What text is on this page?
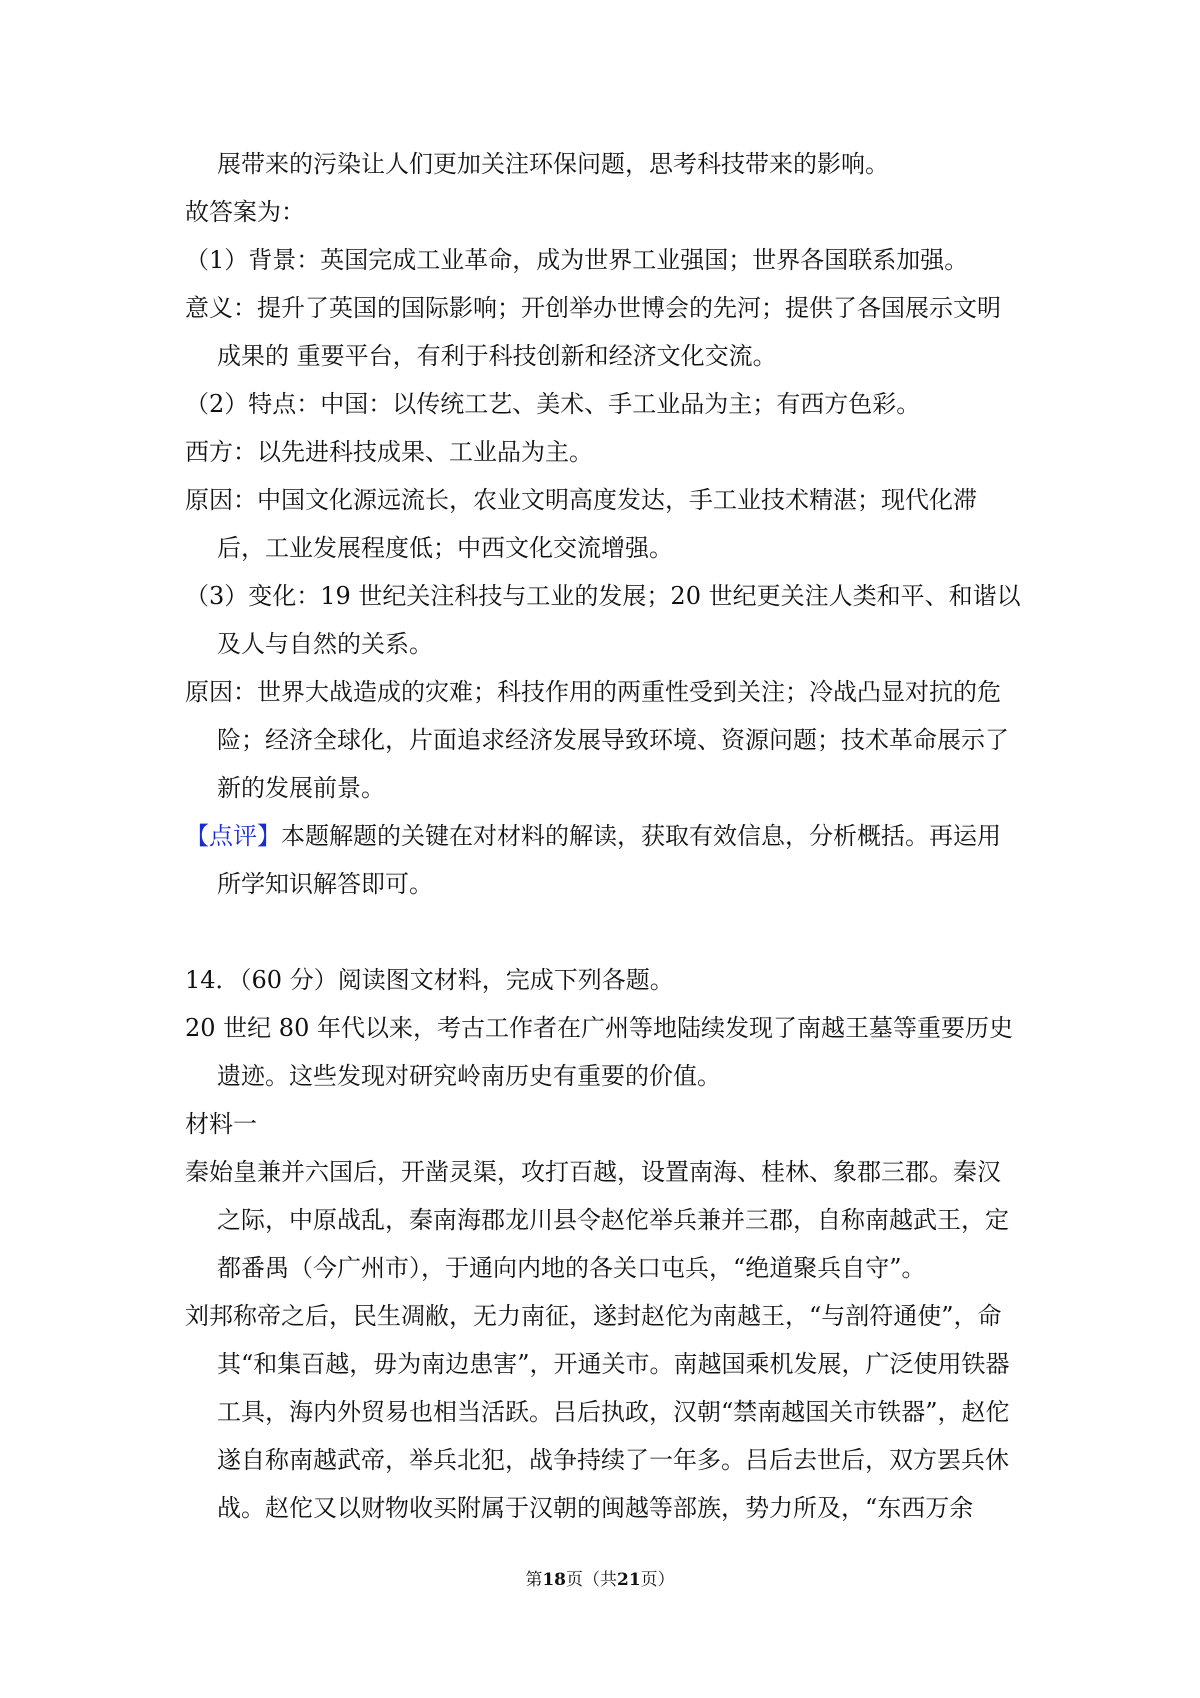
展带来的污染让人们更加关注环保问题，思考科技带来的影响。
故答案为：
（1）背景：英国完成工业革命，成为世界工业强国；世界各国联系加强。
意义：提升了英国的国际影响；开创举办世博会的先河；提供了各国展示文明
成果的 重要平台，有利于科技创新和经济文化交流。
（2）特点：中国：以传统工艺、美术、手工业品为主；有西方色彩。
西方：以先进科技成果、工业品为主。
原因：中国文化源远流长，农业文明高度发达，手工业技术精湛；现代化滞
后，工业发展程度低；中西文化交流增强。
（3）变化：19 世纪关注科技与工业的发展；20 世纪更关注人类和平、和谐以
及人与自然的关系。
原因：世界大战造成的灾难；科技作用的两重性受到关注；冷战凸显对抗的危
险；经济全球化，片面追求经济发展导致环境、资源问题；技术革命展示了
新的发展前景。
【点评】本题解题的关键在对材料的解读，获取有效信息，分析概括。再运用
所学知识解答即可。
14．（60 分）阅读图文材料，完成下列各题。
20 世纪 80 年代以来，考古工作者在广州等地陆续发现了南越王墓等重要历史
遗迹。这些发现对研究岭南历史有重要的价值。
材料一
秦始皇兼并六国后，开凿灵渠，攻打百越，设置南海、桂林、象郡三郡。秦汉
之际，中原战乱，秦南海郡龙川县令赵佗举兵兼并三郡，自称南越武王，定
都番禺（今广州市），于通向内地的各关口屯兵，“绝道聚兵自守”。
刘邦称帝之后，民生凋敝，无力南征，遂封赵佗为南越王，“与剖符通使”，命
其“和集百越，毋为南边患害”，开通关市。南越国乘机发展，广泛使用铁器
工具，海内外贸易也相当活跃。吕后执政，汉朝“禁南越国关市铁器”，赵佗
遂自称南越武帝，举兵北犯，战争持续了一年多。吕后去世后，双方罢兵休
战。赵佗又以财物收买附属于汉朝的闽越等部族，势力所及，“东西万余
第18页（共21页）
